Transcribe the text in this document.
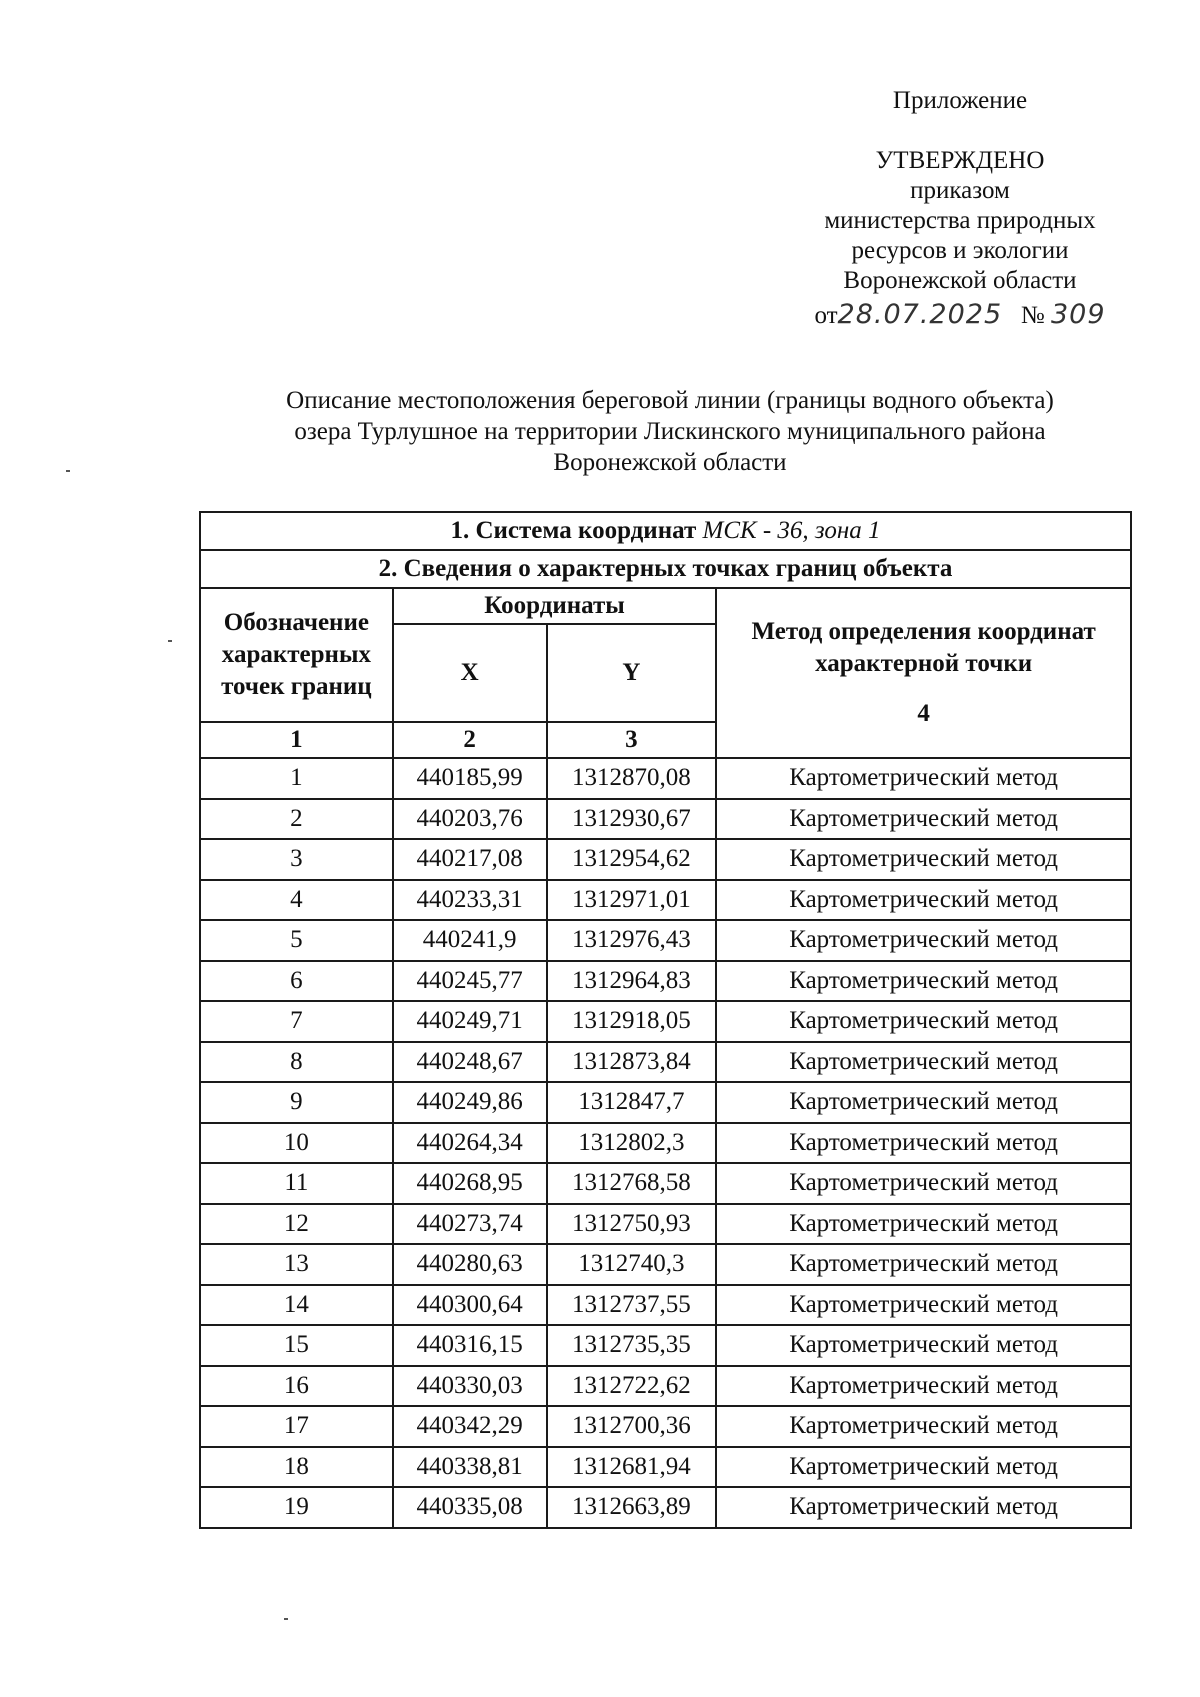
Приложение
УТВЕРЖДЕНО
приказом
министерства природных
ресурсов и экологии
Воронежской области
от28.07.2025 № 309
Описание местоположения береговой линии (границы водного объекта)
озера Турлушное на территории Лискинского муниципального района
Воронежской области
1. Система координат МСК - 36, зона 1			
2. Сведения о характерных точках границ объекта			
Обозначение характерных точек границ	Координаты		Метод определения координат характерной точки
4

	X	Y	
1	2	3	
1	440185,99	1312870,08	Картометрический метод
2	440203,76	1312930,67	Картометрический метод
3	440217,08	1312954,62	Картометрический метод
4	440233,31	1312971,01	Картометрический метод
5	440241,9	1312976,43	Картометрический метод
6	440245,77	1312964,83	Картометрический метод
7	440249,71	1312918,05	Картометрический метод
8	440248,67	1312873,84	Картометрический метод
9	440249,86	1312847,7	Картометрический метод
10	440264,34	1312802,3	Картометрический метод
11	440268,95	1312768,58	Картометрический метод
12	440273,74	1312750,93	Картометрический метод
13	440280,63	1312740,3	Картометрический метод
14	440300,64	1312737,55	Картометрический метод
15	440316,15	1312735,35	Картометрический метод
16	440330,03	1312722,62	Картометрический метод
17	440342,29	1312700,36	Картометрический метод
18	440338,81	1312681,94	Картометрический метод
19	440335,08	1312663,89	Картометрический метод
